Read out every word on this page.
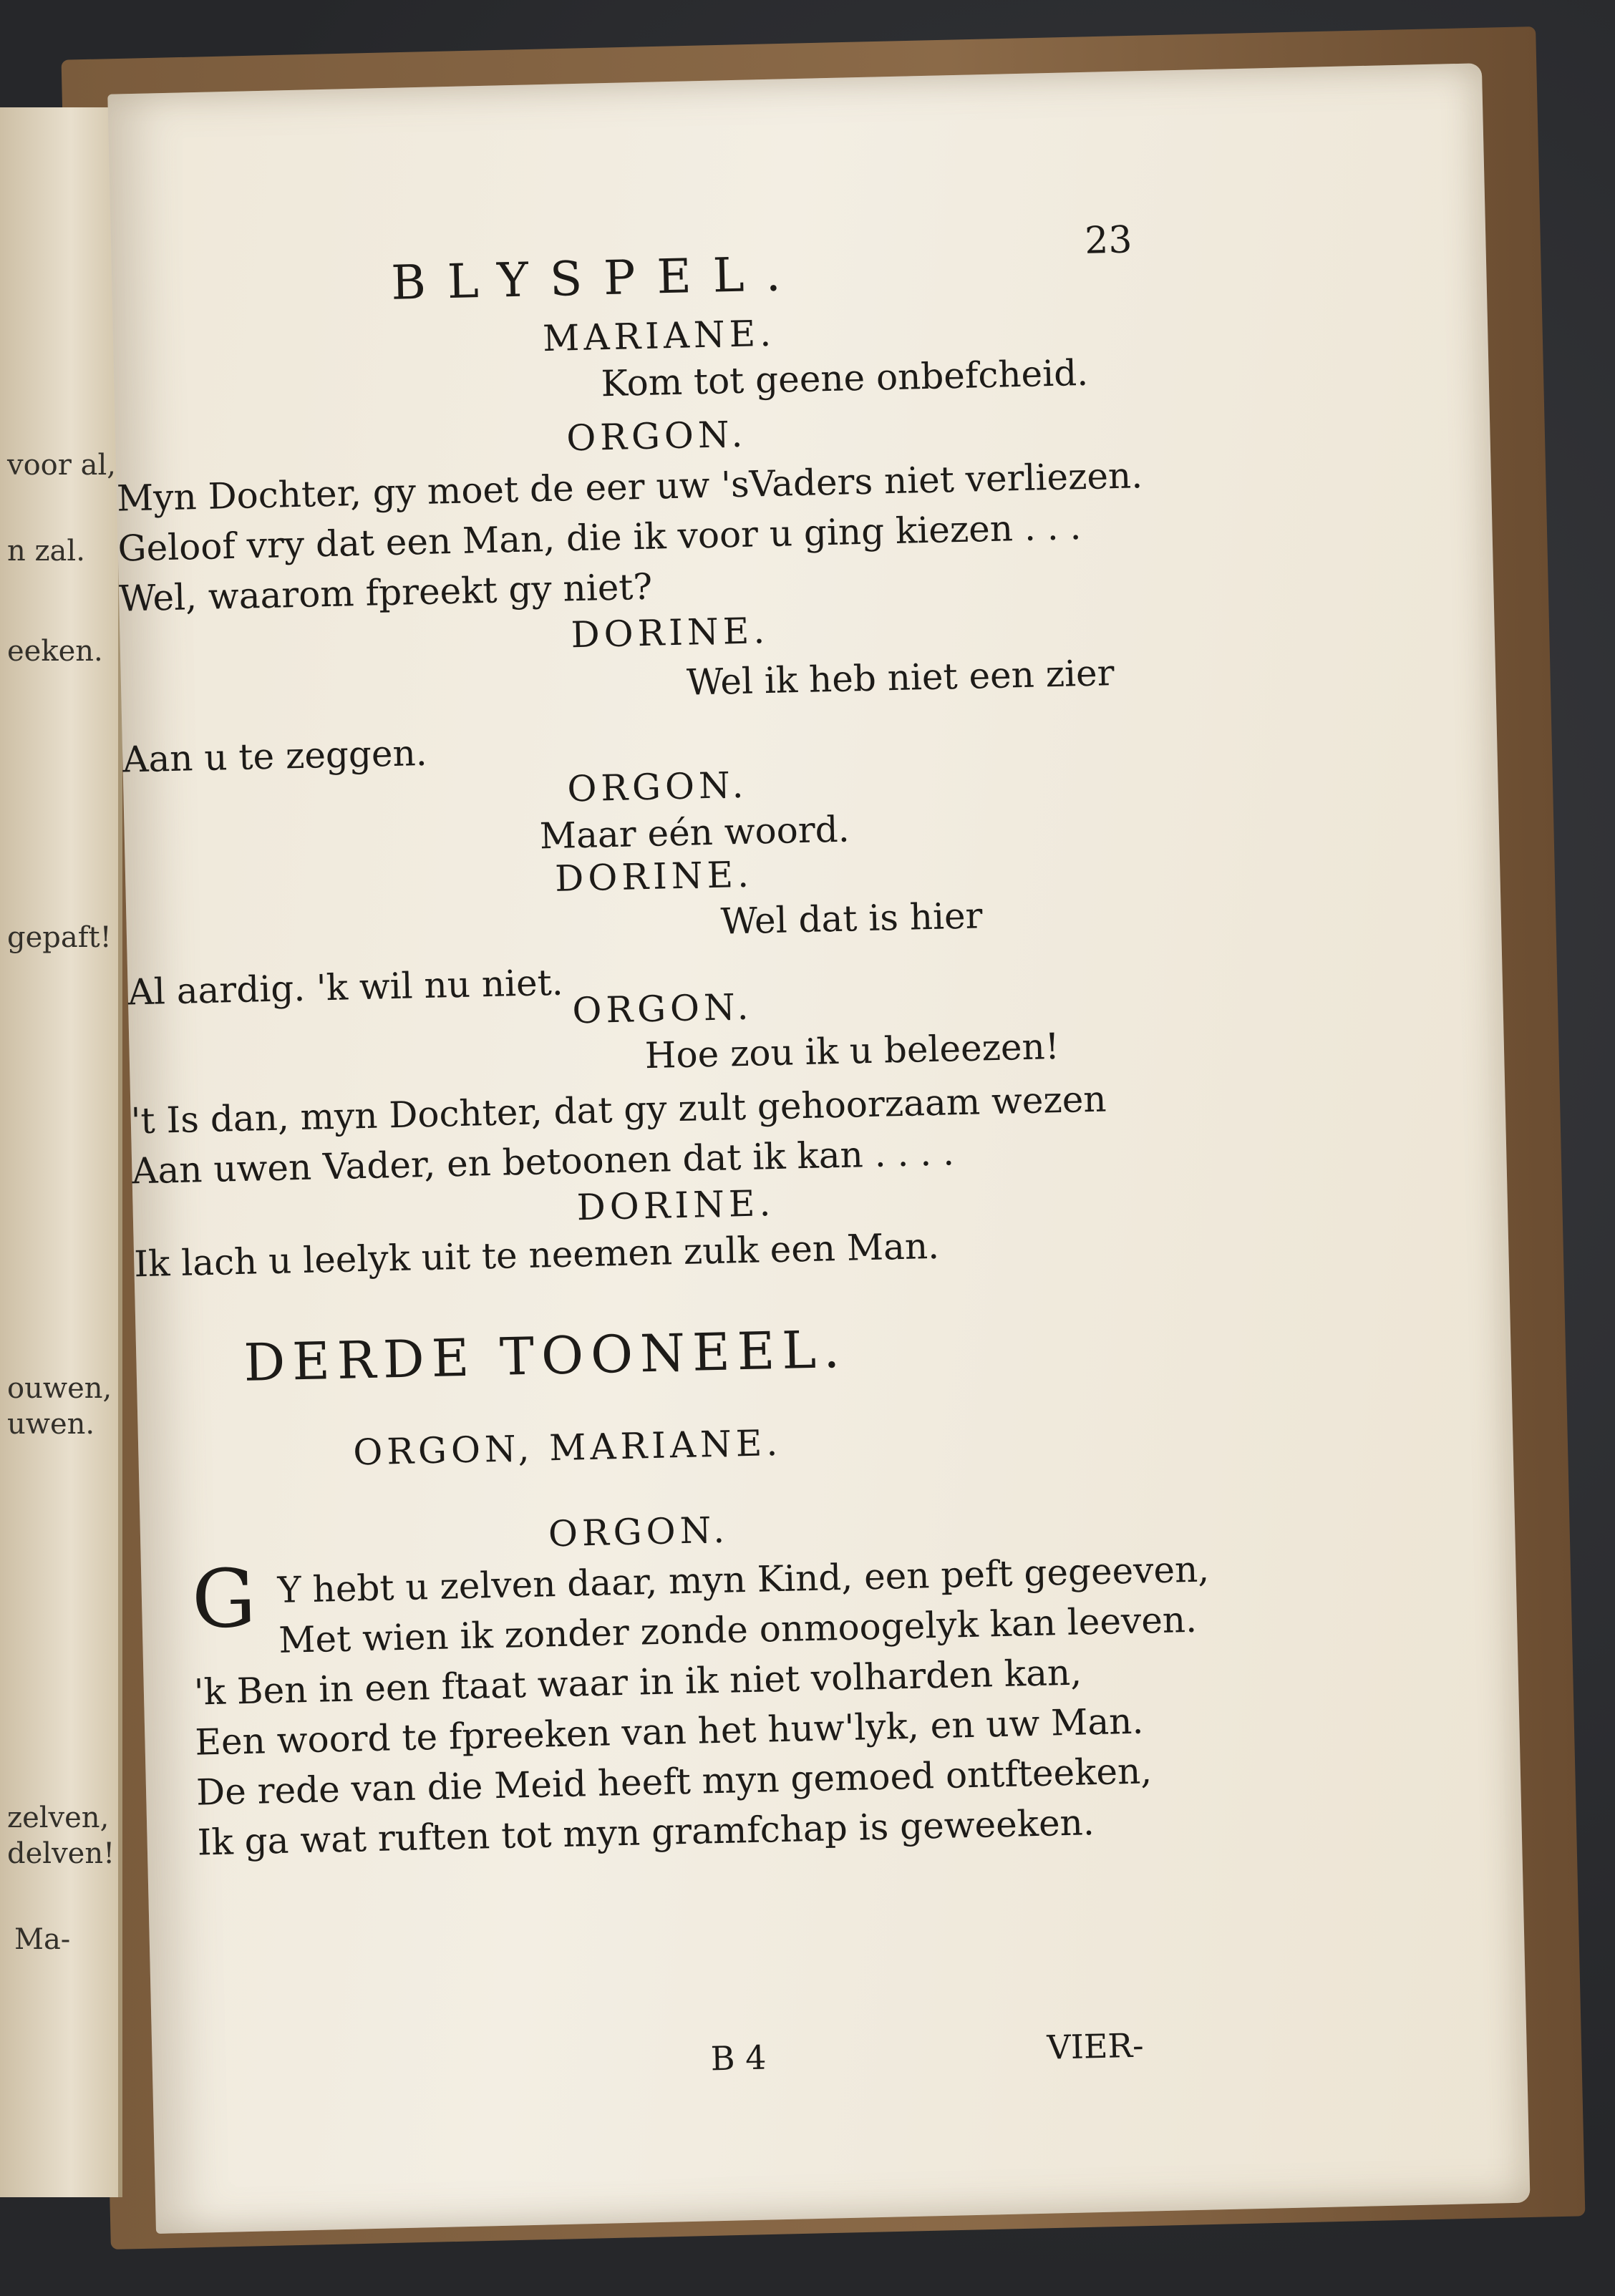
voor al,
n zal.
eeken.
gepaft!
ouwen,
uwen.
zelven,
delven!
Ma-
BLYSPEL.
23
MARIANE.
Kom tot geene onbefcheid.
ORGON.
Myn Dochter, gy moet de eer uw 'sVaders niet verliezen.
Geloof vry dat een Man, die ik voor u ging kiezen . . .
Wel, waarom fpreekt gy niet?
DORINE.
Wel ik heb niet een zier
Aan u te zeggen.
ORGON.
Maar eén woord.
DORINE.
Wel dat is hier
Al aardig. 'k wil nu niet. ORGON.
Hoe zou ik u beleezen!
't Is dan, myn Dochter, dat gy zult gehoorzaam wezen
Aan uwen Vader, en betoonen dat ik kan . . . .
DORINE.
Ik lach u leelyk uit te neemen zulk een Man.
DERDE TOONEEL.
ORGON, MARIANE.
ORGON.
G Y hebt u zelven daar, myn Kind, een peft gegeeven,
Met wien ik zonder zonde onmoogelyk kan leeven.
'k Ben in een ftaat waar in ik niet volharden kan,
Een woord te fpreeken van het huw'lyk, en uw Man.
De rede van die Meid heeft myn gemoed ontfteeken,
Ik ga wat ruften tot myn gramfchap is geweeken.
B 4	VIER-
